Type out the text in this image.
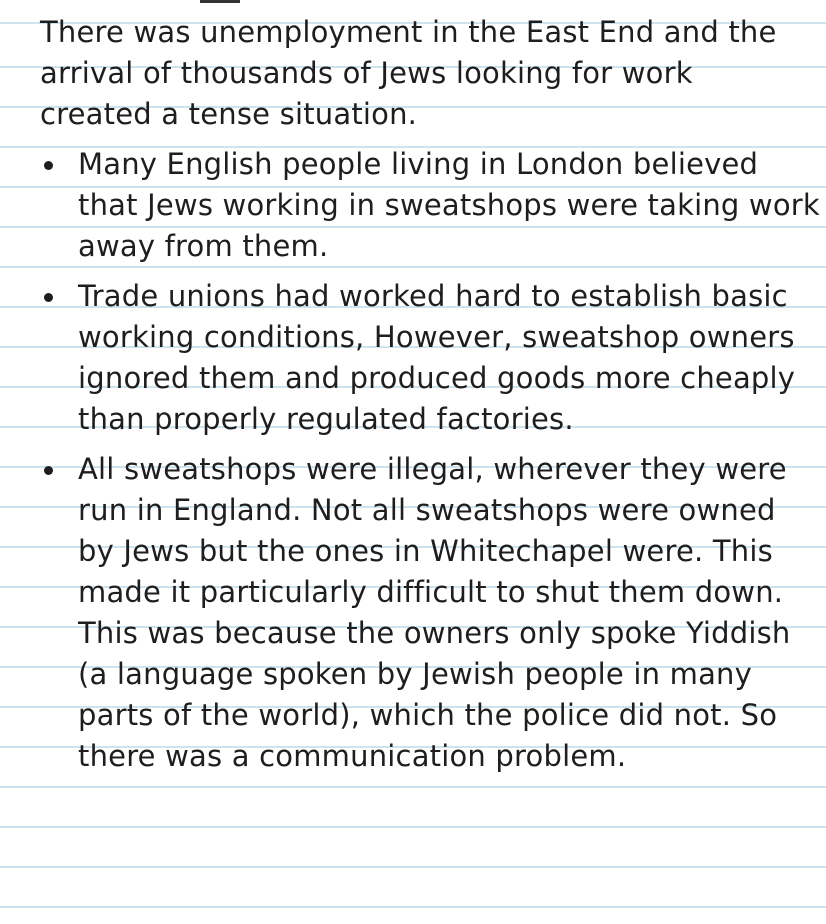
There was unemployment in the East End and the arrival of thousands of Jews looking for work created a tense situation.

Many English people living in London believed that Jews working in sweatshops were taking work away from them.
Trade unions had worked hard to establish basic working conditions, However, sweatshop owners ignored them and produced goods more cheaply than properly regulated factories.
All sweatshops were illegal, wherever they were run in England. Not all sweatshops were owned by Jews but the ones in Whitechapel were. This made it particularly difficult to shut them down. This was because the owners only spoke Yiddish (a language spoken by Jewish people in many parts of the world), which the police did not. So there was a communication problem.
